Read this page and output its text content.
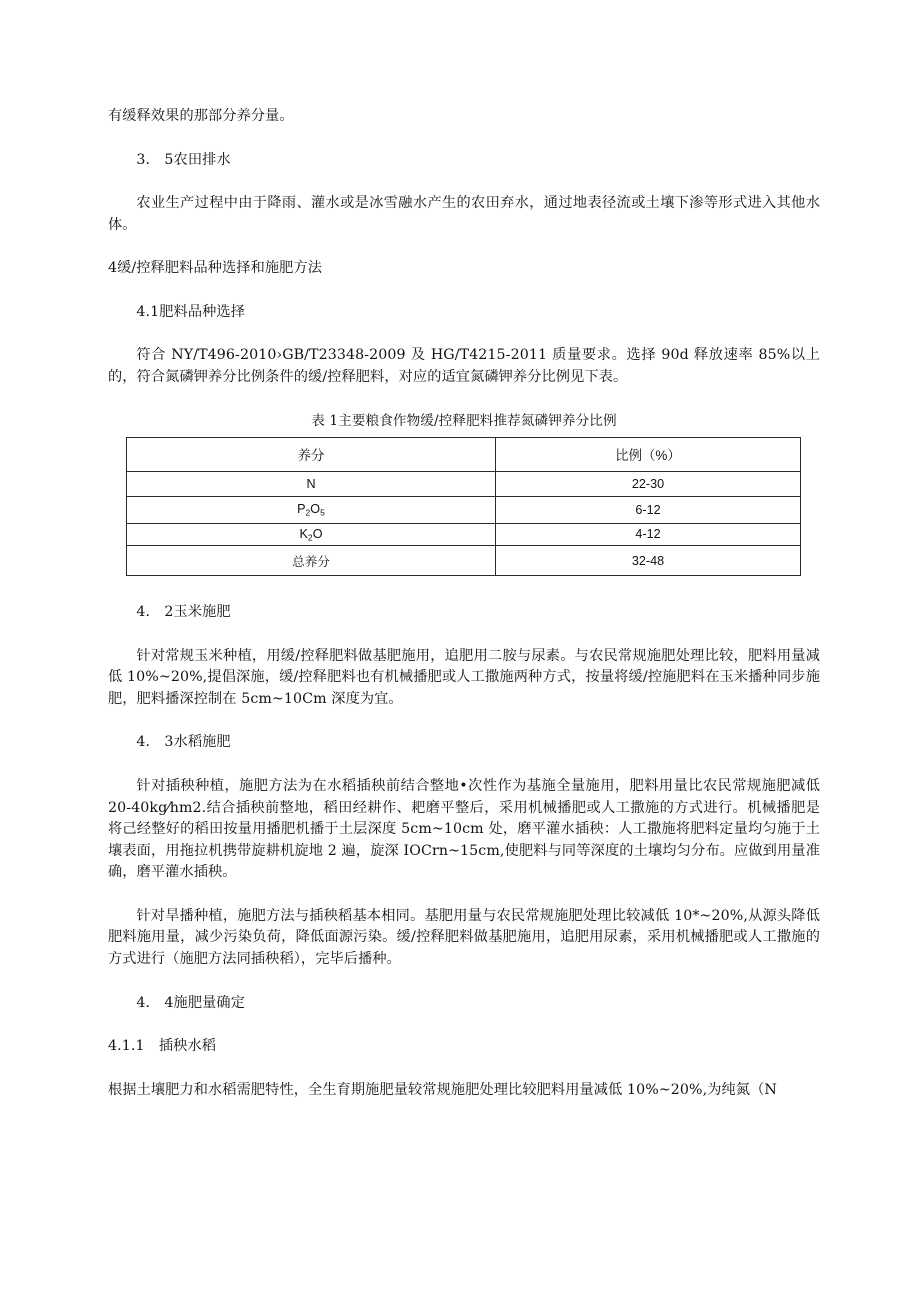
有缓释效果的那部分养分量。

3． 5农田排水

农业生产过程中由于降雨、灌水或是冰雪融水产生的农田弃水，通过地表径流或土壤下渗等形式进入其他水体。

4缓/控释肥料品种选择和施肥方法

4.1肥料品种选择

符合 NY/T496-2010›GB/T23348-2009 及 HG/T4215-2011 质量要求。选择 90d 释放速率 85%以上的，符合氮磷钾养分比例条件的缓/控释肥料，对应的适宜氮磷钾养分比例见下表。

表 1主要粮食作物缓/控释肥料推荐氮磷钾养分比例

养分	比例（%）
N	22-30
$P_2O_5$	6-12
$K_2O$	4-12
总养分	32-48

4． 2玉米施肥

针对常规玉米种植，用缓/控释肥料做基肥施用，追肥用二胺与尿素。与农民常规施肥处理比较，肥料用量减低 10%~20%,提倡深施，缓/控释肥料也有机械播肥或人工撒施两种方式，按量将缓/控施肥料在玉米播种同步施肥，肥料播深控制在 5cm~10Cm 深度为宜。

4． 3水稻施肥

针对插秧种植，施肥方法为在水稻插秧前结合整地•次性作为基施全量施用，肥料用量比农民常规施肥减低 20-40kg⁄hm2.结合插秧前整地，稻田经耕作、耙磨平整后，采用机械播肥或人工撒施的方式进行。机械播肥是将己经整好的稻田按量用播肥机播于土层深度 5cm~10cm 处，磨平灌水插秧：人工撒施将肥料定量均匀施于土壤表面，用拖拉机携带旋耕机旋地 2 遍，旋深 IOCrn~15cm,使肥料与同等深度的土壤均匀分布。应做到用量准确，磨平灌水插秧。

针对旱播种植，施肥方法与插秧稻基本相同。基肥用量与农民常规施肥处理比较减低 10*~20%,从源头降低肥料施用量，减少污染负荷，降低面源污染。缓/控释肥料做基肥施用，追肥用尿素，采用机械播肥或人工撒施的方式进行（施肥方法同插秧稻），完毕后播种。

4． 4施肥量确定

4.1.1　插秧水稻

根据土壤肥力和水稻需肥特性，全生育期施肥量较常规施肥处理比较肥料用量减低 10%~20%,为纯氮（N
